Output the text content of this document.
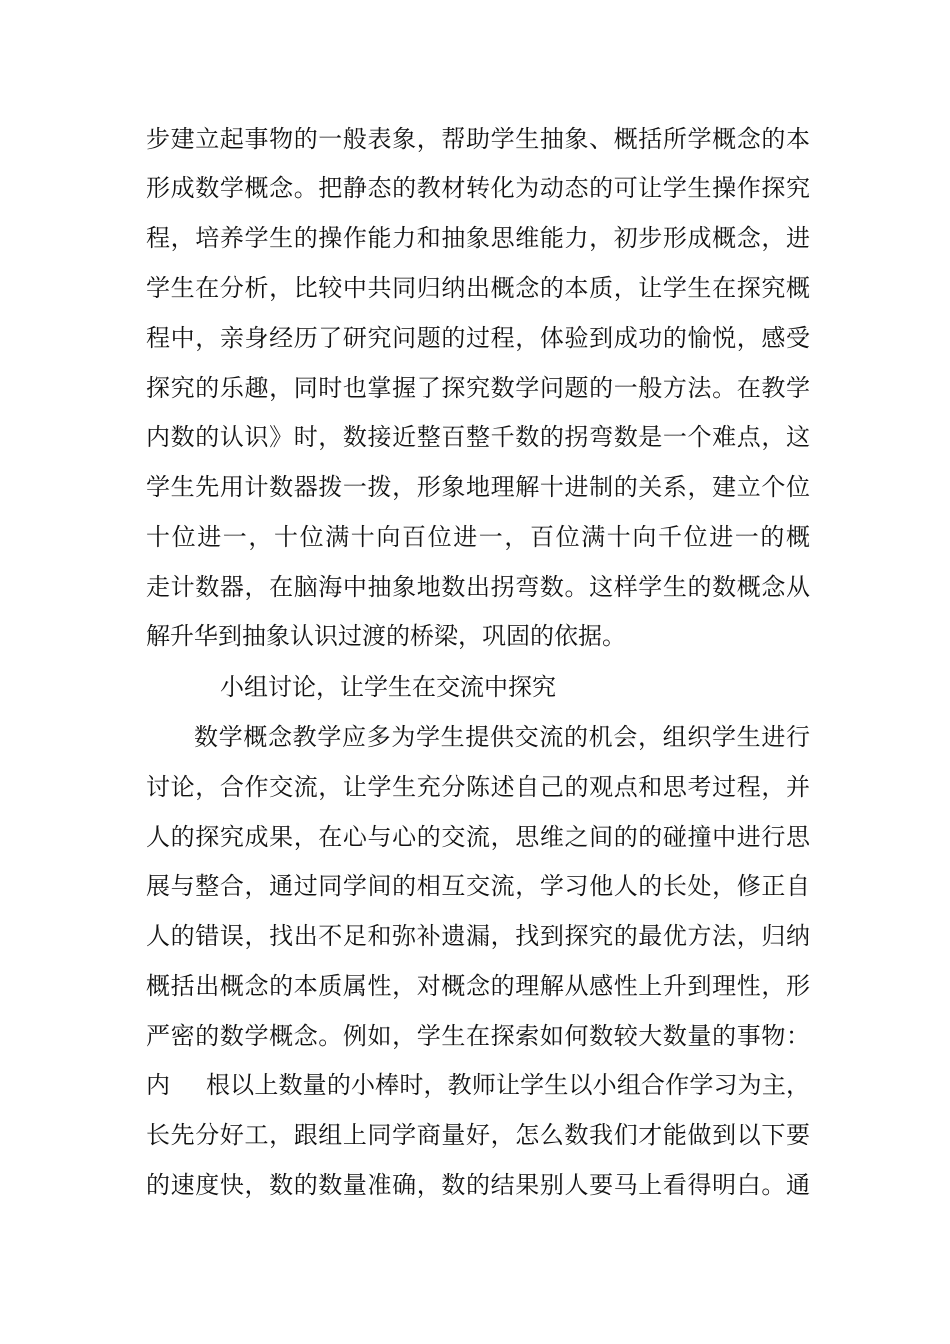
步建立起事物的一般表象，帮助学生抽象、概括所学概念的本
形成数学概念。把静态的教材转化为动态的可让学生操作探究
程，培养学生的操作能力和抽象思维能力，初步形成概念，进
学生在分析，比较中共同归纳出概念的本质，让学生在探究概
程中，亲身经历了研究问题的过程，体验到成功的愉悦，感受
探究的乐趣，同时也掌握了探究数学问题的一般方法。在教学
内数的认识》时，数接近整百整千数的拐弯数是一个难点，这
学生先用计数器拨一拨，形象地理解十进制的关系，建立个位
十位进一，十位满十向百位进一，百位满十向千位进一的概
走计数器，在脑海中抽象地数出拐弯数。这样学生的数概念从
解升华到抽象认识过渡的桥梁，巩固的依据。
小组讨论，让学生在交流中探究
数学概念教学应多为学生提供交流的机会，组织学生进行
讨论，合作交流，让学生充分陈述自己的观点和思考过程，并
人的探究成果，在心与心的交流，思维之间的的碰撞中进行思
展与整合，通过同学间的相互交流，学习他人的长处，修正自
人的错误，找出不足和弥补遗漏，找到探究的最优方法，归纳
概括出概念的本质属性，对概念的理解从感性上升到理性，形
严密的数学概念。例如，学生在探索如何数较大数量的事物：
内 根以上数量的小棒时，教师让学生以小组合作学习为主，
长先分好工，跟组上同学商量好，怎么数我们才能做到以下要
的速度快，数的数量准确，数的结果别人要马上看得明白。通
